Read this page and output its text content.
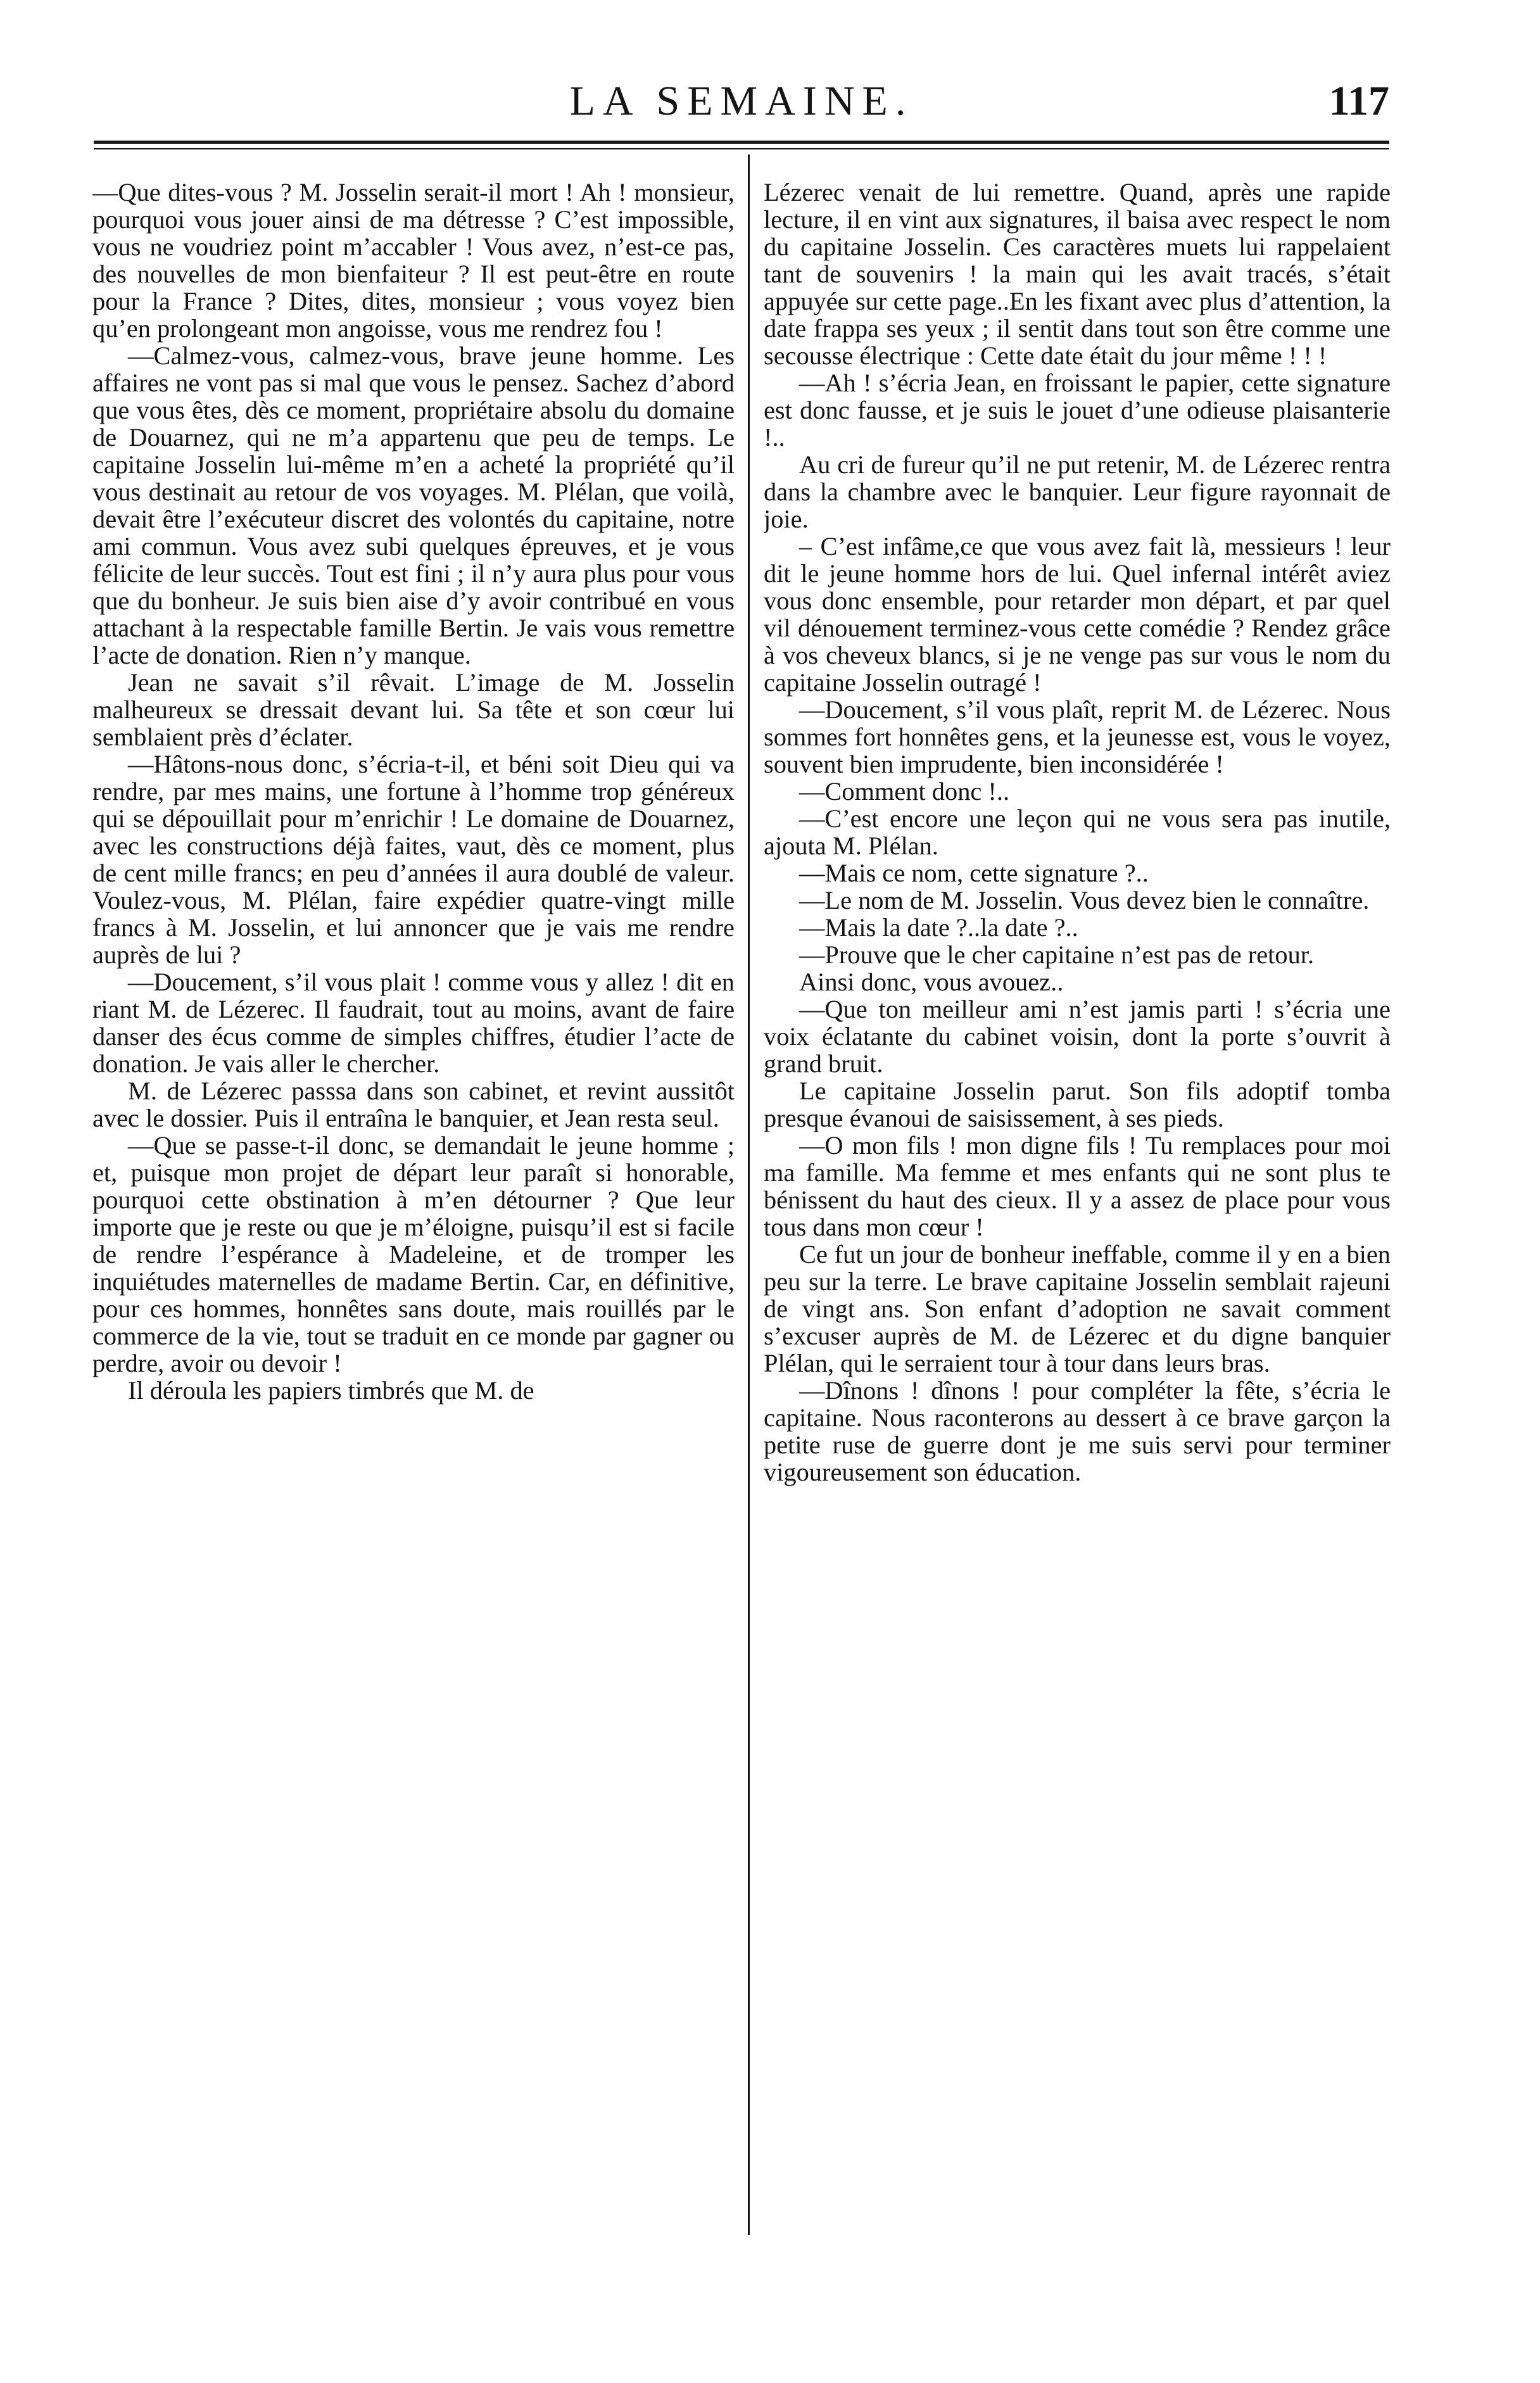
LA SEMAINE.	117

—Que dites-vous ? M. Josselin serait-il mort ! Ah ! monsieur, pourquoi vous jouer ainsi de ma détresse ? C’est impossible, vous ne voudriez point m’accabler ! Vous avez, n’est-ce pas, des nouvelles de mon bienfaiteur ? Il est peut-être en route pour la France ? Dites, dites, monsieur ; vous voyez bien qu’en prolongeant mon angoisse, vous me rendrez fou !

—Calmez-vous, calmez-vous, brave jeune homme. Les affaires ne vont pas si mal que vous le pensez. Sachez d’abord que vous êtes, dès ce moment, propriétaire absolu du domaine de Douarnez, qui ne m’a appartenu que peu de temps. Le capitaine Josselin lui-même m’en a acheté la propriété qu’il vous destinait au retour de vos voyages. M. Plélan, que voilà, devait être l’exécuteur discret des volontés du capitaine, notre ami commun. Vous avez subi quelques épreuves, et je vous félicite de leur succès. Tout est fini ; il n’y aura plus pour vous que du bonheur. Je suis bien aise d’y avoir contribué en vous attachant à la respectable famille Bertin. Je vais vous remettre l’acte de donation. Rien n’y manque.

Jean ne savait s’il rêvait. L’image de M. Josselin malheureux se dressait devant lui. Sa tête et son cœur lui semblaient près d’éclater.

—Hâtons-nous donc, s’écria-t-il, et béni soit Dieu qui va rendre, par mes mains, une fortune à l’homme trop généreux qui se dépouillait pour m’enrichir ! Le domaine de Douarnez, avec les constructions déjà faites, vaut, dès ce moment, plus de cent mille francs; en peu d’années il aura doublé de valeur. Voulez-vous, M. Plélan, faire expédier quatre-vingt mille francs à M. Josselin, et lui annoncer que je vais me rendre auprès de lui ?

—Doucement, s’il vous plait ! comme vous y allez ! dit en riant M. de Lézerec. Il faudrait, tout au moins, avant de faire danser des écus comme de simples chiffres, étudier l’acte de donation. Je vais aller le chercher.

M. de Lézerec passsa dans son cabinet, et revint aussitôt avec le dossier. Puis il entraîna le banquier, et Jean resta seul.

—Que se passe-t-il donc, se demandait le jeune homme ; et, puisque mon projet de départ leur paraît si honorable, pourquoi cette obstination à m’en détourner ? Que leur importe que je reste ou que je m’éloigne, puisqu’il est si facile de rendre l’espérance à Madeleine, et de tromper les inquiétudes maternelles de madame Bertin. Car, en définitive, pour ces hommes, honnêtes sans doute, mais rouillés par le commerce de la vie, tout se traduit en ce monde par gagner ou perdre, avoir ou devoir !

Il déroula les papiers timbrés que M. de

Lézerec venait de lui remettre. Quand, après une rapide lecture, il en vint aux signatures, il baisa avec respect le nom du capitaine Josselin. Ces caractères muets lui rappelaient tant de souvenirs ! la main qui les avait tracés, s’était appuyée sur cette page..En les fixant avec plus d’attention, la date frappa ses yeux ; il sentit dans tout son être comme une secousse électrique : Cette date était du jour même ! ! !

—Ah ! s’écria Jean, en froissant le papier, cette signature est donc fausse, et je suis le jouet d’une odieuse plaisanterie !..

Au cri de fureur qu’il ne put retenir, M. de Lézerec rentra dans la chambre avec le banquier. Leur figure rayonnait de joie.

– C’est infâme,ce que vous avez fait là, messieurs ! leur dit le jeune homme hors de lui. Quel infernal intérêt aviez vous donc ensemble, pour retarder mon départ, et par quel vil dénouement terminez-vous cette comédie ? Rendez grâce à vos cheveux blancs, si je ne venge pas sur vous le nom du capitaine Josselin outragé !

—Doucement, s’il vous plaît, reprit M. de Lézerec. Nous sommes fort honnêtes gens, et la jeunesse est, vous le voyez, souvent bien imprudente, bien inconsidérée !

—Comment donc !..

—C’est encore une leçon qui ne vous sera pas inutile, ajouta M. Plélan.

—Mais ce nom, cette signature ?..

—Le nom de M. Josselin. Vous devez bien le connaître.

—Mais la date ?..la date ?..

—Prouve que le cher capitaine n’est pas de retour.

Ainsi donc, vous avouez..

—Que ton meilleur ami n’est jamis parti ! s’écria une voix éclatante du cabinet voisin, dont la porte s’ouvrit à grand bruit.

Le capitaine Josselin parut. Son fils adoptif tomba presque évanoui de saisissement, à ses pieds.

—O mon fils ! mon digne fils ! Tu remplaces pour moi ma famille. Ma femme et mes enfants qui ne sont plus te bénissent du haut des cieux. Il y a assez de place pour vous tous dans mon cœur !

Ce fut un jour de bonheur ineffable, comme il y en a bien peu sur la terre. Le brave capitaine Josselin semblait rajeuni de vingt ans. Son enfant d’adoption ne savait comment s’excuser auprès de M. de Lézerec et du digne banquier Plélan, qui le serraient tour à tour dans leurs bras.

—Dînons ! dînons ! pour compléter la fête, s’écria le capitaine. Nous raconterons au dessert à ce brave garçon la petite ruse de guerre dont je me suis servi pour terminer vigoureusement son éducation.
